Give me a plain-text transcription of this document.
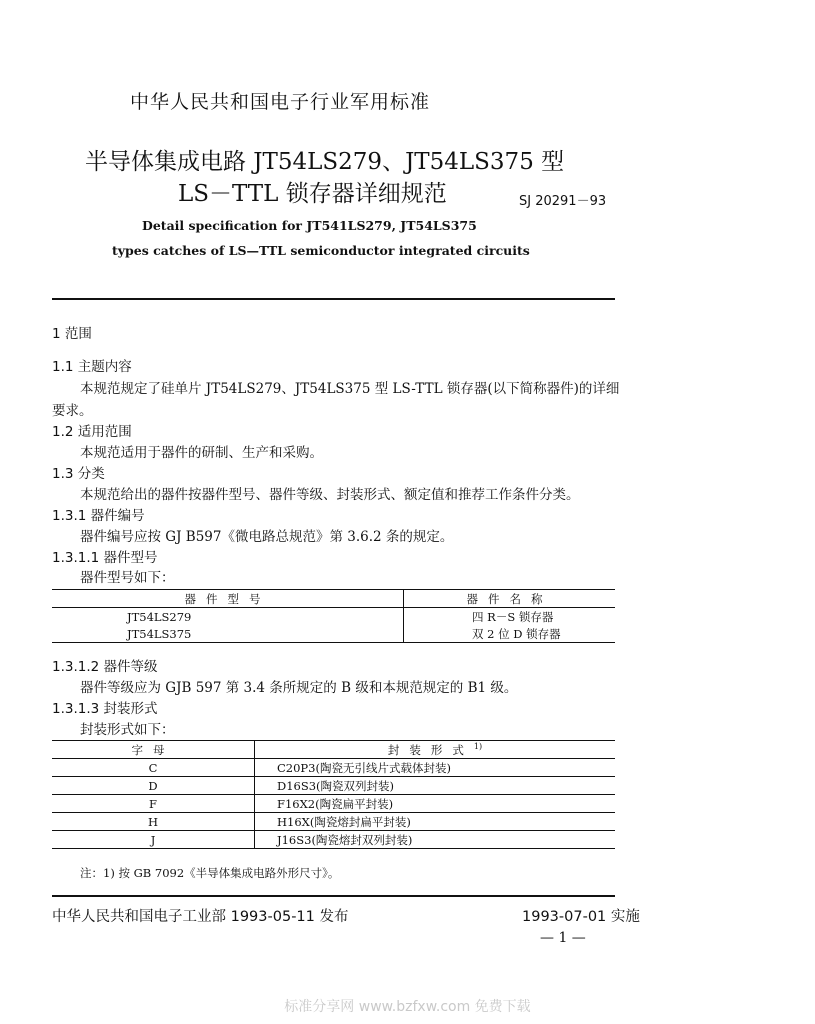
中华人民共和国电子行业军用标准
半导体集成电路 JT54LS279、JT54LS375 型
LS－TTL 锁存器详细规范	SJ 20291－93
Detail specification for JT541LS279, JT54LS375
types catches of LS—TTL semiconductor integrated circuits
1 范围
1.1 主题内容
本规范规定了硅单片 JT54LS279、JT54LS375 型 LS-TTL 锁存器(以下简称器件)的详细
要求。
1.2 适用范围
本规范适用于器件的研制、生产和采购。
1.3 分类
本规范给出的器件按器件型号、器件等级、封装形式、额定值和推荐工作条件分类。
1.3.1 器件编号
器件编号应按 GJ B597《微电路总规范》第 3.6.2 条的规定。
1.3.1.1 器件型号
器件型号如下：
器件型号	器件名称
JT54LS279	四 R－S 锁存器
JT54LS375	双 2 位 D 锁存器
1.3.1.2 器件等级
器件等级应为 GJB 597 第 3.4 条所规定的 B 级和本规范规定的 B1 级。
1.3.1.3 封装形式
封装形式如下：
字母	封装形式$^{1)}$
C	C20P3(陶瓷无引线片式载体封装)
D	D16S3(陶瓷双列封装)
F	F16X2(陶瓷扁平封装)
H	H16X(陶瓷熔封扁平封装)
J	J16S3(陶瓷熔封双列封装)
注：1) 按 GB 7092《半导体集成电路外形尺寸》。
中华人民共和国电子工业部 1993-05-11 发布	1993-07-01 实施
— 1 —
标准分享网 www.bzfxw.com 免费下载
